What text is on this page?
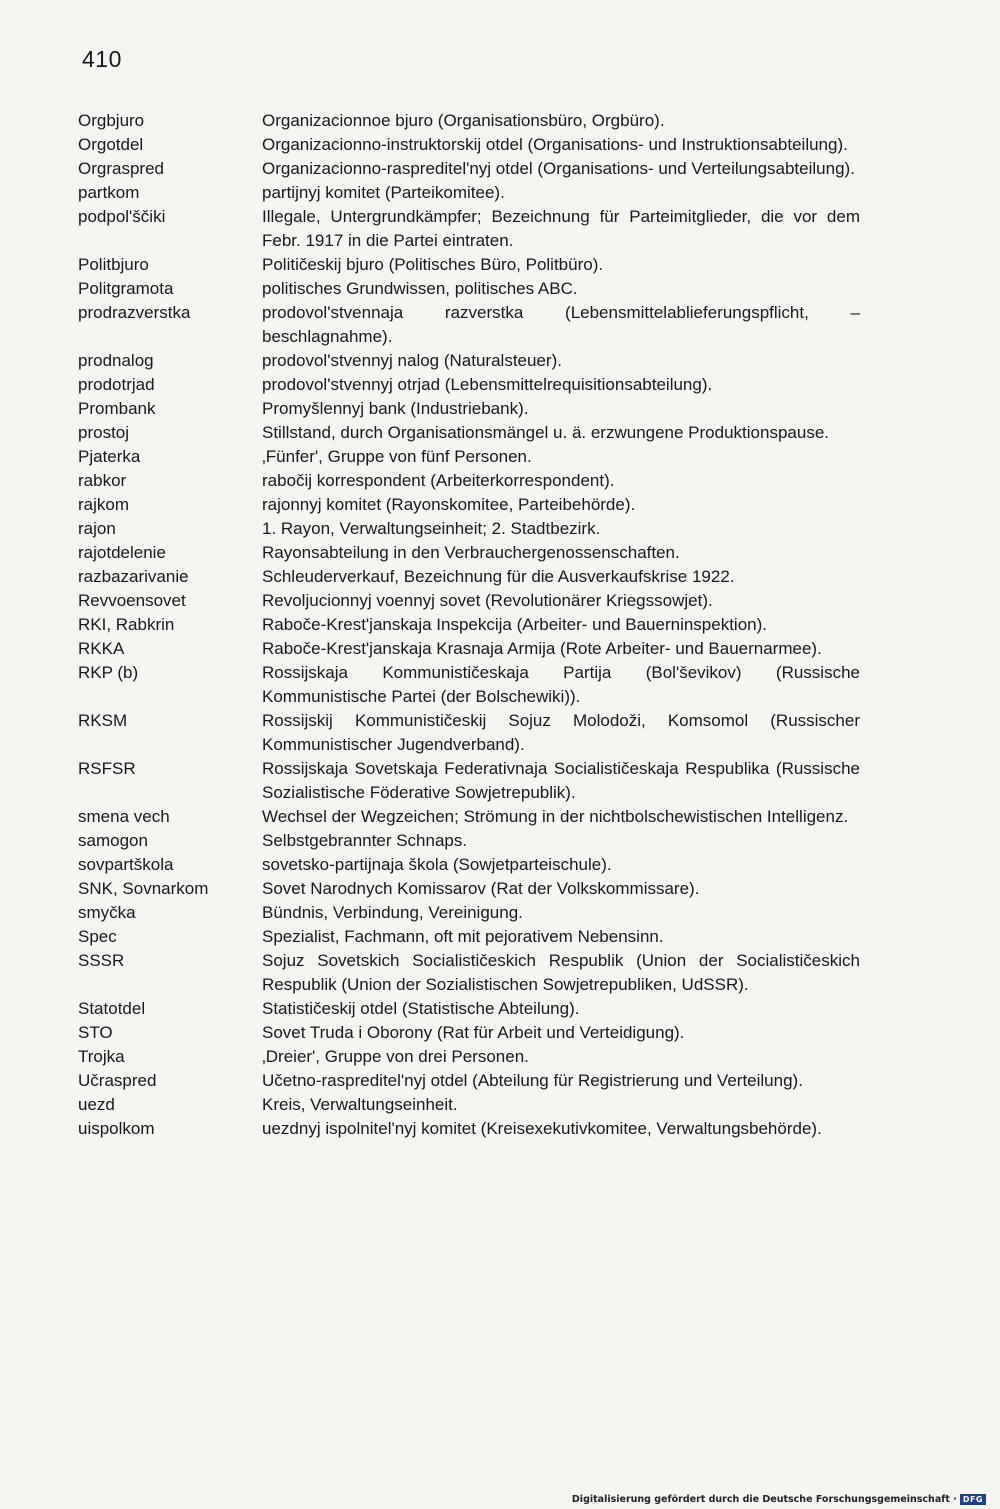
410
Orgbjuro	Organizacionnoe bjuro (Organisationsbüro, Orgbüro).
Orgotdel	Organizacionno-instruktorskij otdel (Organisations- und Instruktionsabteilung).
Orgraspred	Organizacionno-raspreditel'nyj otdel (Organisations- und Verteilungsabteilung).
partkom	partijnyj komitet (Parteikomitee).
podpol'ščiki	Illegale, Untergrundkämpfer; Bezeichnung für Parteimitglieder, die vor dem Febr. 1917 in die Partei eintraten.
Politbjuro	Političeskij bjuro (Politisches Büro, Politbüro).
Politgramota	politisches Grundwissen, politisches ABC.
prodrazverstka	prodovol'stvennaja razverstka (Lebensmittelablieferungspflicht, – beschlagnahme).
prodnalog	prodovol'stvennyj nalog (Naturalsteuer).
prodotrjad	prodovol'stvennyj otrjad (Lebensmittelrequisitionsabteilung).
Prombank	Promyšlennyj bank (Industriebank).
prostoj	Stillstand, durch Organisationsmängel u. ä. erzwungene Produktionspause.
Pjaterka	‚Fünfer', Gruppe von fünf Personen.
rabkor	rabočij korrespondent (Arbeiterkorrespondent).
rajkom	rajonnyj komitet (Rayonskomitee, Parteibehörde).
rajon	1. Rayon, Verwaltungseinheit; 2. Stadtbezirk.
rajotdelenie	Rayonsabteilung in den Verbrauchergenossenschaften.
razbazarivanie	Schleuderverkauf, Bezeichnung für die Ausverkaufskrise 1922.
Revvoensovet	Revoljucionnyj voennyj sovet (Revolutionärer Kriegssowjet).
RKI, Rabkrin	Raboče-Krest'janskaja Inspekcija (Arbeiter- und Bauerninspektion).
RKKA	Raboče-Krest'janskaja Krasnaja Armija (Rote Arbeiter- und Bauernarmee).
RKP (b)	Rossijskaja Kommunističeskaja Partija (Bol'ševikov) (Russische Kommunistische Partei (der Bolschewiki)).
RKSM	Rossijskij Kommunističeskij Sojuz Molodoži, Komsomol (Russischer Kommunistischer Jugendverband).
RSFSR	Rossijskaja Sovetskaja Federativnaja Socialističeskaja Respublika (Russische Sozialistische Föderative Sowjetrepublik).
smena vech	Wechsel der Wegzeichen; Strömung in der nichtbolschewistischen Intelligenz.
samogon	Selbstgebrannter Schnaps.
sovpartškola	sovetsko-partijnaja škola (Sowjetparteischule).
SNK, Sovnarkom	Sovet Narodnych Komissarov (Rat der Volkskommissare).
smyčka	Bündnis, Verbindung, Vereinigung.
Spec	Spezialist, Fachmann, oft mit pejorativem Nebensinn.
SSSR	Sojuz Sovetskich Socialističeskich Respublik (Union der Socialističeskich Respublik (Union der Sozialistischen Sowjetrepubliken, UdSSR).
Statotdel	Statističeskij otdel (Statistische Abteilung).
STO	Sovet Truda i Oborony (Rat für Arbeit und Verteidigung).
Trojka	‚Dreier', Gruppe von drei Personen.
Učraspred	Učetno-raspreditel'nyj otdel (Abteilung für Registrierung und Verteilung).
uezd	Kreis, Verwaltungseinheit.
uispolkom	uezdnyj ispolnitel'nyj komitet (Kreisexekutivkomitee, Verwaltungsbehörde).
Digitalisierung gefördert durch die Deutsche Forschungsgemeinschaft · DFG
